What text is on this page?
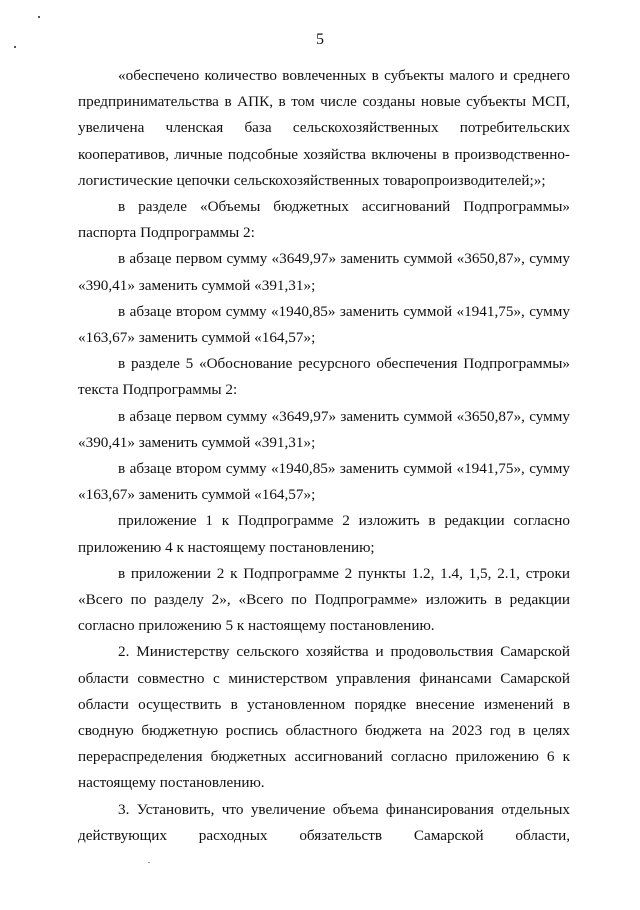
5

«обеспечено количество вовлеченных в субъекты малого и среднего предпринимательства в АПК, в том числе созданы новые субъекты МСП, увеличена членская база сельскохозяйственных потребительских кооперативов, личные подсобные хозяйства включены в производственно-логистические цепочки сельскохозяйственных товаропроизводителей;»;

в разделе «Объемы бюджетных ассигнований Подпрограммы» паспорта Подпрограммы 2:

в абзаце первом сумму «3649,97» заменить суммой «3650,87», сумму «390,41» заменить суммой «391,31»;

в абзаце втором сумму «1940,85» заменить суммой «1941,75», сумму «163,67» заменить суммой «164,57»;

в разделе 5 «Обоснование ресурсного обеспечения Подпрограммы» текста Подпрограммы 2:

в абзаце первом сумму «3649,97» заменить суммой «3650,87», сумму «390,41» заменить суммой «391,31»;

в абзаце втором сумму «1940,85» заменить суммой «1941,75», сумму «163,67» заменить суммой «164,57»;

приложение 1 к Подпрограмме 2 изложить в редакции согласно приложению 4 к настоящему постановлению;

в приложении 2 к Подпрограмме 2 пункты 1.2, 1.4, 1,5, 2.1, строки «Всего по разделу 2», «Всего по Подпрограмме» изложить в редакции согласно приложению 5 к настоящему постановлению.

2. Министерству сельского хозяйства и продовольствия Самарской области совместно с министерством управления финансами Самарской области осуществить в установленном порядке внесение изменений в сводную бюджетную роспись областного бюджета на 2023 год в целях перераспределения бюджетных ассигнований согласно приложению 6 к настоящему постановлению.

3. Установить, что увеличение объема финансирования отдельных действующих расходных обязательств Самарской области,
